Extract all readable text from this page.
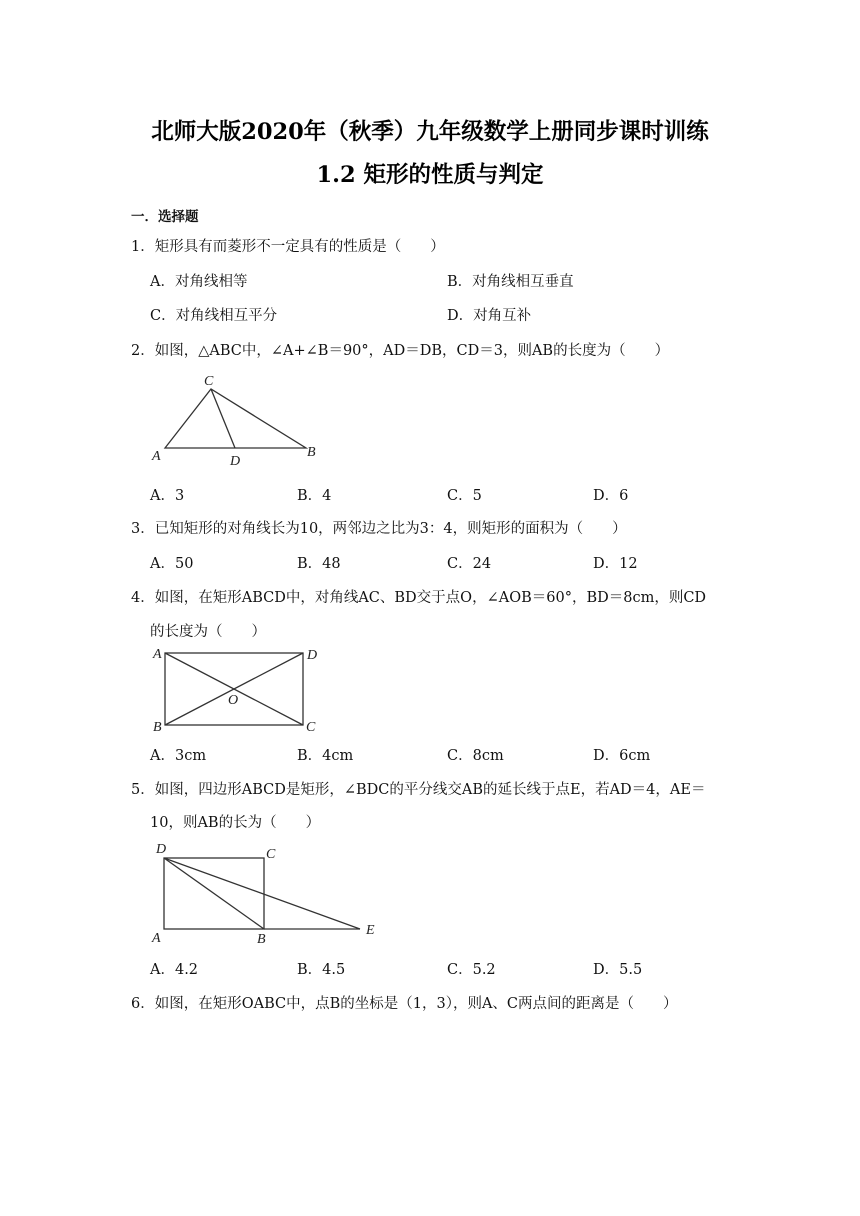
北师大版2020年（秋季）九年级数学上册同步课时训练
1.2 矩形的性质与判定
一．选择题
1．矩形具有而菱形不一定具有的性质是（　　）
A．对角线相等	B．对角线相互垂直
C．对角线相互平分	D．对角互补
2．如图，△ABC中，∠A+∠B＝90°，AD＝DB，CD＝3，则AB的长度为（　　）
C
A	D
B
A．3	B．4	C．5	D．6
3．已知矩形的对角线长为10，两邻边之比为3：4，则矩形的面积为（　　）
A．50	B．48	C．24	D．12
4．如图，在矩形ABCD中，对角线AC、BD交于点O，∠AOB＝60°，BD＝8cm，则CD
的长度为（　　）
A	D
O
B	C
A．3cm	B．4cm	C．8cm	D．6cm
5．如图，四边形ABCD是矩形，∠BDC的平分线交AB的延长线于点E，若AD＝4，AE＝
10，则AB的长为（　　）
D	C
A	B
E
A．4.2	B．4.5	C．5.2	D．5.5
6．如图，在矩形OABC中，点B的坐标是（1，3），则A、C两点间的距离是（　　）
